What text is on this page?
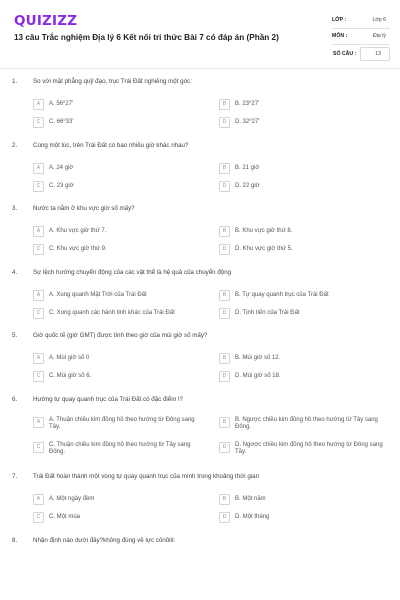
QUIZIZZ
13 câu Trắc nghiệm Địa lý 6 Kết nối tri thức Bài 7 có đáp án (Phần 2)
LỚP :	Lớp 6
MÔN :	Địa lý
SỐ CÂU :	13
1.	So với mặt phẳng quỹ đạo, trục Trái Đất nghiêng một góc:
A	A. 56⁰27'	B	B. 23⁰27'
C	C. 66⁰33'	D	D. 32⁰27'
2.	Cùng một lúc, trên Trái Đất có bao nhiêu giờ khác nhau?
A	A. 24 giờ	B	B. 21 giờ
C	C. 23 giờ	D	D. 22 giờ
3.	Nước ta nằm ở khu vực giờ số mấy?
A	A. Khu vực giờ thứ 7.	B	B. Khu vực giờ thứ 8.
C	C. Khu vực giờ thứ 9.	D	D. Khu vực giờ thứ 5.
4.	Sự lệch hướng chuyển động của các vật thể là hệ quả của chuyển động
A	A. Xung quanh Mặt Trời của Trái Đất	B	B. Tự quay quanh trục của Trái Đất
C	C. Xung quanh các hành tinh khác của Trái Đất	D	D. Tịnh tiến của Trái Đất
5.	Giờ quốc tế (giờ GMT) được tính theo giờ của múi giờ số mấy?
A	A. Múi giờ số 0	B	B. Múi giờ số 12.
C	C. Múi giờ số 6.	D	D. Múi giờ số 18.
6.	Hướng tự quay quanh trục của Trái Đất có đặc điểm l?
A	A. Thuận chiều kim đồng hồ theo hướng từ Đông sang Tây.
B	B. Ngược chiều kim đồng hồ theo hướng từ Tây sang Đông.
C	C. Thuận chiều kim đồng hồ theo hướng từ Tây sang Đông.
D	D. Ngược chiều kim đồng hồ theo hướng từ Đông sang Tây.
7.	Trái Đất hoàn thành một vòng tự quay quanh trục của mình trong khoảng thời gian
A	A. Một ngày đêm	B	B. Một năm
C	C. Một mùa	D	D. Một tháng
8.	Nhận định nào dưới đây?không đúng về lực côriôlit:
